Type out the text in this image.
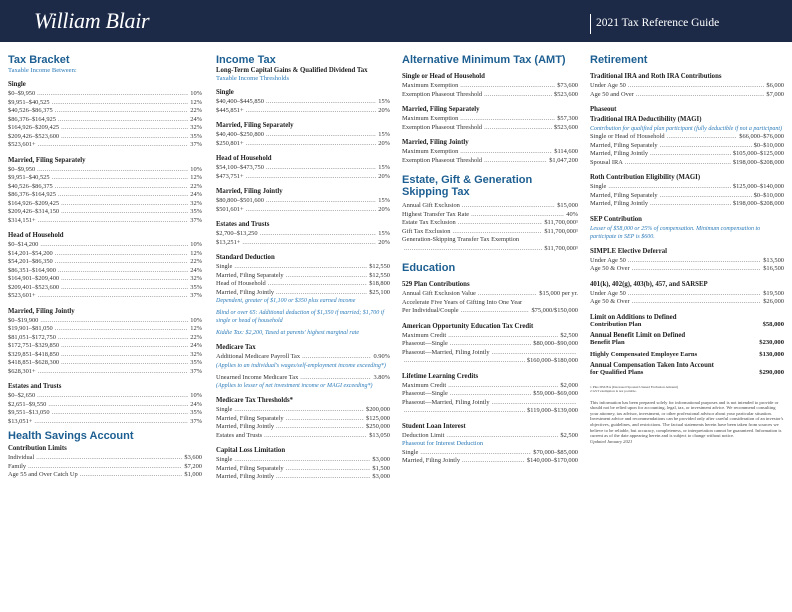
William Blair	2021 Tax Reference Guide
Tax Bracket
Taxable Income Between:
Single
$0–$9,950 .....	10%
$9,951–$40,525 .....	12%
$40,526–$86,375 .....	22%
$86,376–$164,925 .....	24%
$164,926–$209,425 .....	32%
$209,426–$523,600 .....	35%
$523,601+ .....	37%
Married, Filing Separately
$0–$9,950 .....	10%
$9,951–$40,525 .....	12%
$40,526–$86,375 .....	22%
$86,376–$164,925 .....	24%
$164,926–$209,425 .....	32%
$209,426–$314,150 .....	35%
$314,151+ .....	37%
Head of Household
$0–$14,200 .....	10%
$14,201–$54,200 .....	12%
$54,201–$86,350 .....	22%
$86,351–$164,900 .....	24%
$164,901–$209,400 .....	32%
$209,401–$523,600 .....	35%
$523,601+ .....	37%
Married, Filing Jointly
$0–$19,900 .....	10%
$19,901–$81,050 .....	12%
$81,051–$172,750 .....	22%
$172,751–$329,850 .....	24%
$329,851–$418,850 .....	32%
$418,851–$628,300 .....	35%
$628,301+ .....	37%
Estates and Trusts
$0–$2,650 .....	10%
$2,651–$9,550 .....	24%
$9,551–$13,050 .....	35%
$13,051+ .....	37%
Health Savings Account
Contribution Limits
Individual .....	$3,600
Family .....	$7,200
Age 55 and Over Catch Up .....	$1,000
Income Tax
Long-Term Capital Gains & Qualified Dividend Tax
Taxable Income Thresholds
Single
$40,400–$445,850 .....	15%
$445,851+ .....	20%
Married, Filing Separately
$40,400–$250,800 .....	15%
$250,801+ .....	20%
Head of Household
$54,100–$473,750 .....	15%
$473,751+ .....	20%
Married, Filing Jointly
$80,800–$501,600 .....	15%
$501,601+ .....	20%
Estates and Trusts
$2,700–$13,250 .....	15%
$13,251+ .....	20%
Standard Deduction
Single .....	$12,550
Married, Filing Separately .....	$12,550
Head of Household .....	$18,800
Married, Filing Jointly .....	$25,100
Dependent, greater of $1,100 or $350 plus earned income
Blind or over 65: Additional deduction of $1,350 if married; $1,700 if single or head of household
Kiddie Tax: $2,200, Taxed at parents' highest marginal rate
Medicare Tax
Additional Medicare Payroll Tax .....	0.90%
(Applies to an individual's wages/self-employment income exceeding*)
Unearned Income Medicare Tax .....	3.80%
(Applies to lesser of net investment income or MAGI exceeding*)
Medicare Tax Thresholds*
Single .....	$200,000
Married, Filing Separately .....	$125,000
Married, Filing Jointly .....	$250,000
Estates and Trusts .....	$13,050
Capital Loss Limitation
Single .....	$3,000
Married, Filing Separately .....	$1,500
Married, Filing Jointly .....	$3,000
Alternative Minimum Tax (AMT)
Single or Head of Household
Maximum Exemption .....	$73,600
Exemption Phaseout Threshold .....	$523,600
Married, Filing Separately
Maximum Exemption .....	$57,300
Exemption Phaseout Threshold .....	$523,600
Married, Filing Jointly
Maximum Exemption .....	$114,600
Exemption Phaseout Threshold .....	$1,047,200
Estate, Gift & Generation Skipping Tax
Annual Gift Exclusion .....	$15,000
Highest Transfer Tax Rate .....	40%
Estate Tax Exclusion .....	$11,700,000¹
Gift Tax Exclusion .....	$11,700,000¹
Generation-Skipping Transfer Tax Exemption
.....
$11,700,000¹
Education
529 Plan Contributions
Annual Gift Exclusion Value .....	$15,000 per yr.
Accelerate Five Years of Gifting Into One Year
Per Individual/Couple .....	$75,000/$150,000
American Opportunity Education Tax Credit
Maximum Credit .....	$2,500
Phaseout—Single .....	$80,000–$90,000
Phaseout—Married, Filing Jointly
.....
.....
$160,000–$180,000
Lifetime Learning Credits
Maximum Credit .....	$2,000
Phaseout—Single .....	$59,000–$69,000
Phaseout—Married, Filing Jointly
.....
.....
$119,000–$139,000
Student Loan Interest
Deduction Limit .....	$2,500
Phaseout for Interest Deduction
Single .....	$70,000–$85,000
Married, Filing Jointly .....	$140,000–$170,000
Retirement
Traditional IRA and Roth IRA Contributions
Under Age 50 .....	$6,000
Age 50 and Over .....	$7,000
Phaseout
Traditional IRA Deductibility (MAGI)
Contribution for qualified plan participant (fully deductible if not a participant)
Single or Head of Household .....	$66,000–$76,000
Married, Filing Separately .....	$0–$10,000
Married, Filing Jointly .....	$105,000–$125,000
Spousal IRA .....	$198,000–$208,000
Roth Contribution Eligibility (MAGI)
Single .....	$125,000–$140,000
Married, Filing Separately .....	$0–$10,000
Married, Filing Jointly .....	$198,000–$208,000
SEP Contribution
Lesser of $58,000 or 25% of compensation. Minimum compensation to participate in SEP is $600.
SIMPLE Elective Deferral
Under Age 50 .....	$13,500
Age 50 & Over .....	$16,500
401(k), 402(g), 403(b), 457, and SARSEP
Under Age 50 .....	$19,500
Age 50 & Over .....	$26,000
Limit on Additions to Defined
Contribution Plan	$58,000
Annual Benefit Limit on Defined
Benefit Plan	$230,000
Highly Compensated Employee Earns	$130,000
Annual Compensation Taken Into Account
for Qualified Plans	$290,000
1 Plus DSUEA (Deceased Spousal Unused Exclusion Amount)
2 GST exemption is not portable.
This information has been prepared solely for informational purposes and is not intended to provide or should not be relied upon for accounting, legal, tax, or investment advice. We recommend consulting your attorney, tax advisor, investment, or other professional advisor about your particular situation. Investment advice and recommendations can be provided only after careful consideration of an investor's objectives, guidelines, and restrictions. The factual statements herein have been taken from sources we believe to be reliable, but accuracy, completeness, or interpretation cannot be guaranteed. Information is current as of the date appearing herein and is subject to change without notice.
Updated January 2021
